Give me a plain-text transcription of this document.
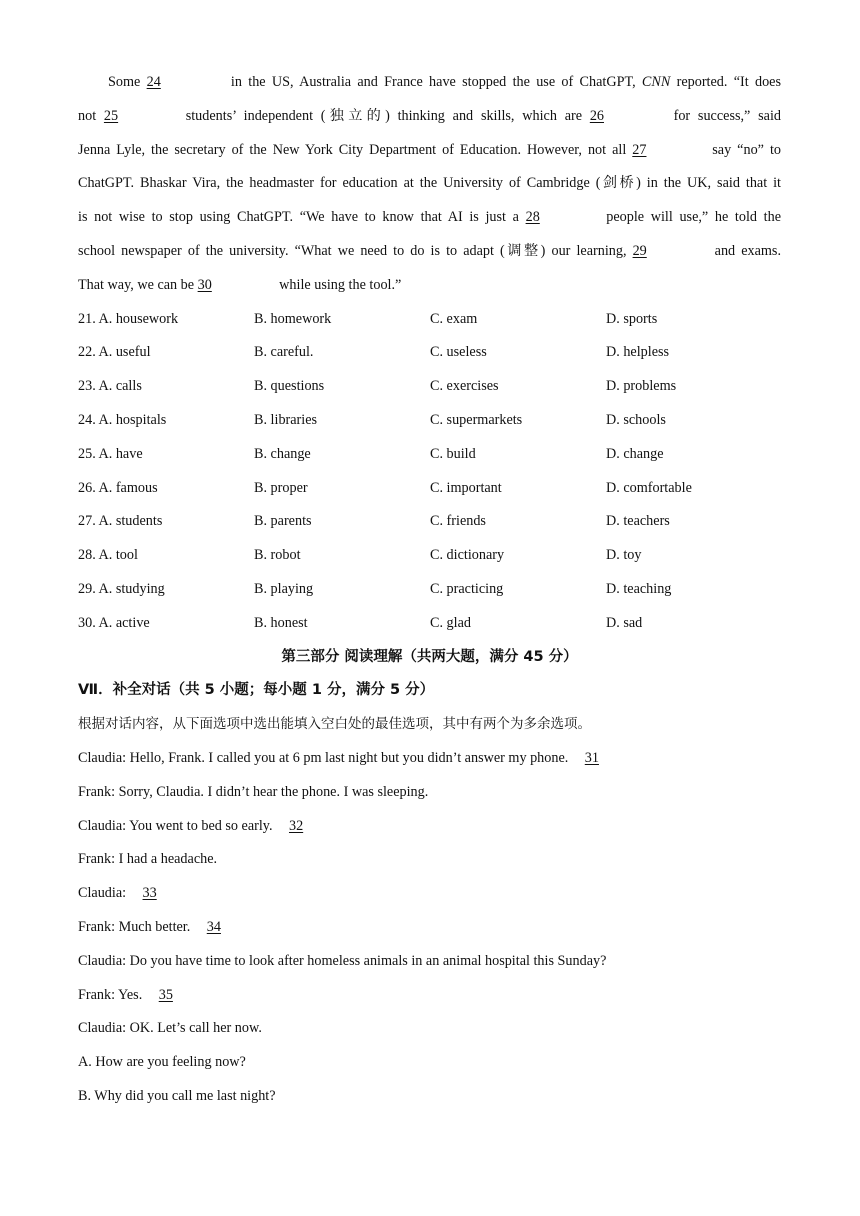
Some 24	in the US, Australia and France have stopped the use of ChatGPT, CNN reported. “It does
not 25	students’ independent (独立的) thinking and skills, which are 26	for success,” said
Jenna Lyle, the secretary of the New York City Department of Education. However, not all 27	say “no” to
ChatGPT. Bhaskar Vira, the headmaster for education at the University of Cambridge (剑桥) in the UK, said that it
is not wise to stop using ChatGPT. “We have to know that AI is just a 28	people will use,” he told the
school newspaper of the university. “What we need to do is to adapt (调整) our learning, 29	and exams.
That way, we can be 30	while using the tool.”
21. A. housework	B. homework	C. exam	D. sports
22. A. useful	B. careful.	C. useless	D. helpless
23. A. calls	B. questions	C. exercises	D. problems
24. A. hospitals	B. libraries	C. supermarkets	D. schools
25. A. have	B. change	C. build	D. change
26. A. famous	B. proper	C. important	D. comfortable
27. A. students	B. parents	C. friends	D. teachers
28. A. tool	B. robot	C. dictionary	D. toy
29. A. studying	B. playing	C. practicing	D. teaching
30. A. active	B. honest	C. glad	D. sad
第三部分 阅读理解（共两大题，满分 45 分）
Ⅶ．补全对话（共 5 小题；每小题 1 分，满分 5 分）
根据对话内容，从下面选项中选出能填入空白处的最佳选项，其中有两个为多余选项。
Claudia: Hello, Frank. I called you at 6 pm last night but you didn’t answer my phone. 31
Frank: Sorry, Claudia. I didn’t hear the phone. I was sleeping.
Claudia: You went to bed so early. 32
Frank: I had a headache.
Claudia: 33
Frank: Much better. 34
Claudia: Do you have time to look after homeless animals in an animal hospital this Sunday?
Frank: Yes. 35
Claudia: OK. Let’s call her now.
A. How are you feeling now?
B. Why did you call me last night?
